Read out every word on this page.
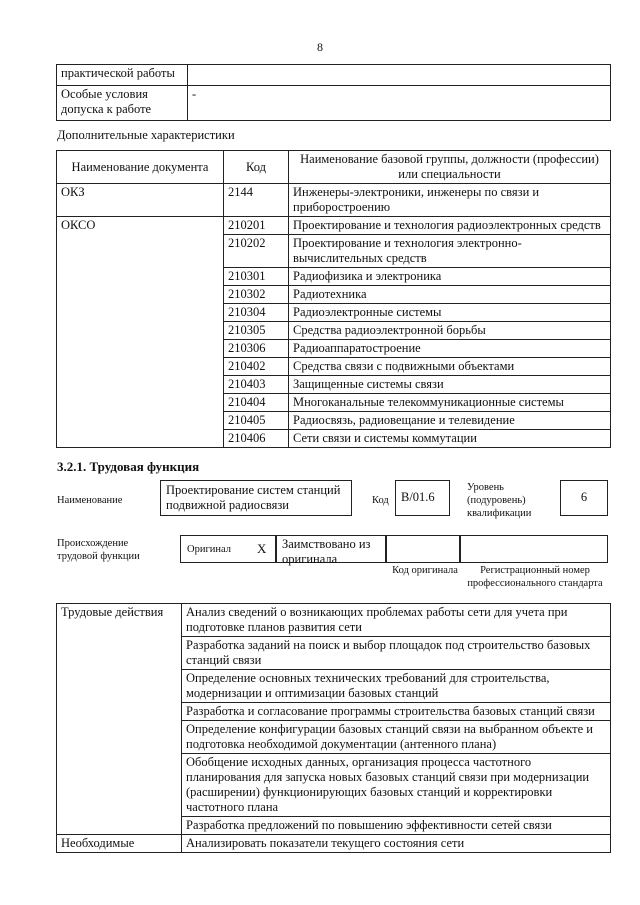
8
практической работы	
Особые условия допуска к работе	-
Дополнительные характеристики
Наименование документа	Код	Наименование базовой группы, должности (профессии) или специальности
ОКЗ	2144	Инженеры-электроники, инженеры по связи и приборостроению
ОКСО	210201	Проектирование и технология радиоэлектронных средств
	210202	Проектирование и технология электронно-вычислительных средств
	210301	Радиофизика и электроника
	210302	Радиотехника
	210304	Радиоэлектронные системы
	210305	Средства радиоэлектронной борьбы
	210306	Радиоаппаратостроение
	210402	Средства связи с подвижными объектами
	210403	Защищенные системы связи
	210404	Многоканальные телекоммуникационные системы
	210405	Радиосвязь, радиовещание и телевидение
	210406	Сети связи и системы коммутации
3.2.1. Трудовая функция
Наименование
Проектирование систем станций подвижной радиосвязи	Код B/01.6
Уровень (подуровень) квалификации
6
Происхождение трудовой функции
Оригинал X	Заимствовано из оригинала
Код оригинала	Регистрационный номер профессионального стандарта
Трудовые действия	Анализ сведений о возникающих проблемах работы сети для учета при подготовке планов развития сети
	Разработка заданий на поиск и выбор площадок под строительство базовых станций связи
	Определение основных технических требований для строительства, модернизации и оптимизации базовых станций
	Разработка и согласование программы строительства базовых станций связи
	Определение конфигурации базовых станций связи на выбранном объекте и подготовка необходимой документации (антенного плана)
	Обобщение исходных данных, организация процесса частотного планирования для запуска новых базовых станций связи при модернизации (расширении) функционирующих базовых станций и корректировки частотного плана
	Разработка предложений по повышению эффективности сетей связи
Необходимые	Анализировать показатели текущего состояния сети
